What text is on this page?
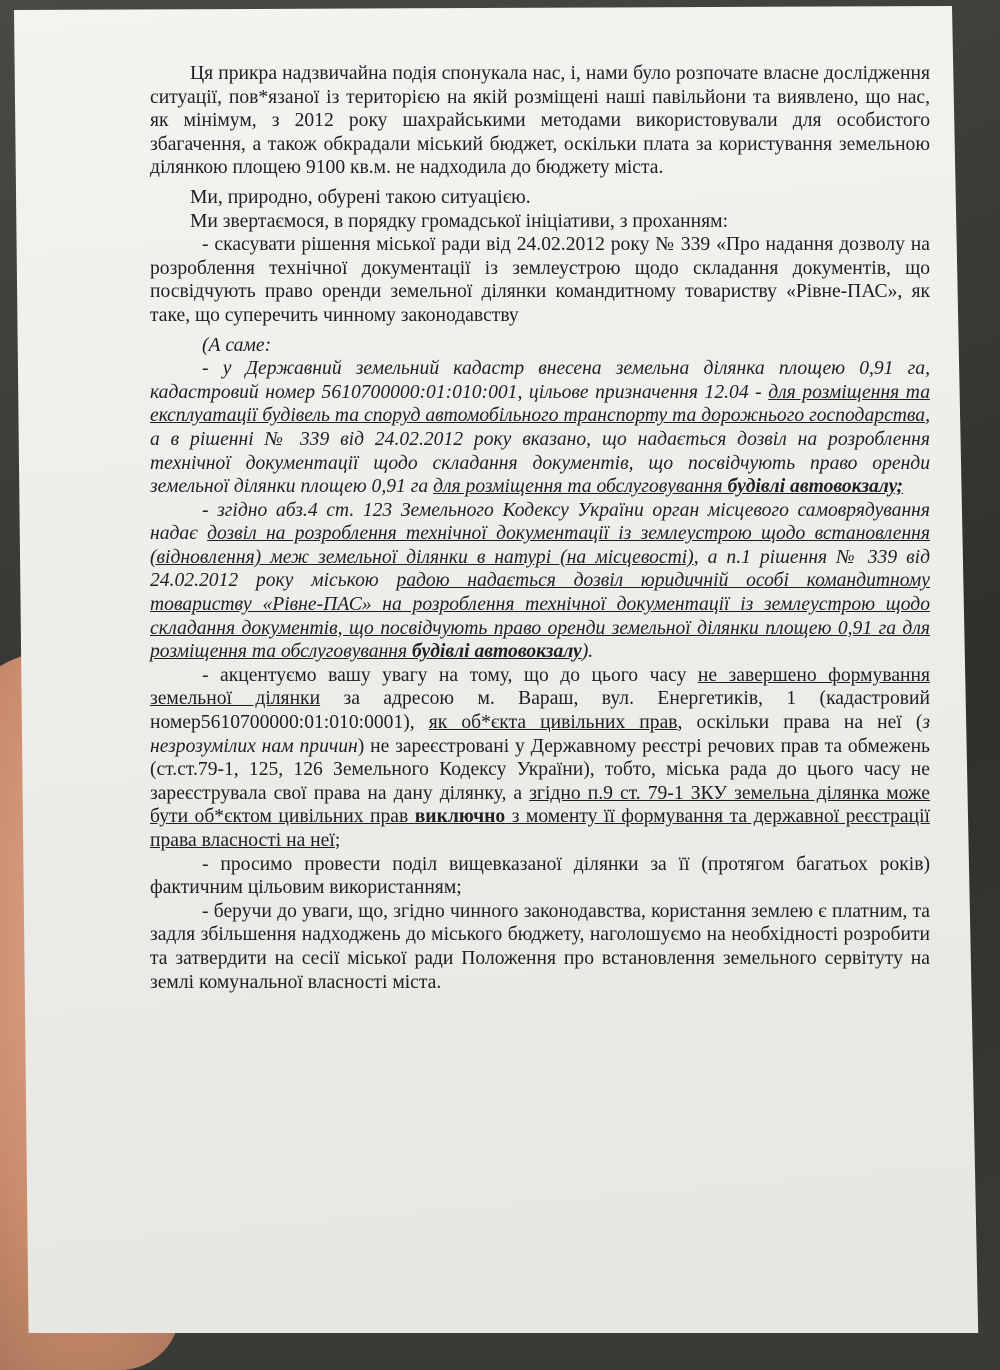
Ця прикра надзвичайна подія спонукала нас, і, нами було розпочате власне дослідження ситуації, пов*язаної із територією на якій розміщені наші павільйони та виявлено, що нас, як мінімум, з 2012 року шахрайськими методами використовували для особистого збагачення, а також обкрадали міський бюджет, оскільки плата за користування земельною ділянкою площею 9100 кв.м. не надходила до бюджету міста.

Ми, природно, обурені такою ситуацією.

Ми звертаємося, в порядку громадської ініціативи, з проханням:

- скасувати рішення міської ради від 24.02.2012 року № 339 «Про надання дозволу на розроблення технічної документації із землеустрою щодо складання документів, що посвідчують право оренди земельної ділянки командитному товариству «Рівне-ПАС», як таке, що суперечить чинному законодавству

(А саме:

- у Державний земельний кадастр внесена земельна ділянка площею 0,91 га, кадастровий номер 5610700000:01:010:001, цільове призначення 12.04 - для розміщення та експлуатації будівель та споруд автомобільного транспорту та дорожнього господарства, а в рішенні № 339 від 24.02.2012 року вказано, що надається дозвіл на розроблення технічної документації щодо складання документів, що посвідчують право оренди земельної ділянки площею 0,91 га для розміщення та обслуговування будівлі автовокзалу;

- згідно абз.4 ст. 123 Земельного Кодексу України орган місцевого самоврядування надає дозвіл на розроблення технічної документації із землеустрою щодо встановлення (відновлення) меж земельної ділянки в натурі (на місцевості), а п.1 рішення № 339 від 24.02.2012 року міською радою надається дозвіл юридичній особі командитному товариству «Рівне-ПАС» на розроблення технічної документації із землеустрою щодо складання документів, що посвідчують право оренди земельної ділянки площею 0,91 га для розміщення та обслуговування будівлі автовокзалу).

- акцентуємо вашу увагу на тому, що до цього часу не завершено формування земельної ділянки за адресою м. Вараш, вул. Енергетиків, 1 (кадастровий номер5610700000:01:010:0001), як об*єкта цивільних прав, оскільки права на неї (з незрозумілих нам причин) не зареєстровані у Державному реєстрі речових прав та обмежень (ст.ст.79-1, 125, 126 Земельного Кодексу України), тобто, міська рада до цього часу не зареєструвала свої права на дану ділянку, а згідно п.9 ст. 79-1 ЗКУ земельна ділянка може бути об*єктом цивільних прав виключно з моменту її формування та державної реєстрації права власності на неї;

- просимо провести поділ вищевказаної ділянки за її (протягом багатьох років) фактичним цільовим використанням;

- беручи до уваги, що, згідно чинного законодавства, користання землею є платним, та задля збільшення надходжень до міського бюджету, наголошуємо на необхідності розробити та затвердити на сесії міської ради Положення про встановлення земельного сервітуту на землі комунальної власності міста.
